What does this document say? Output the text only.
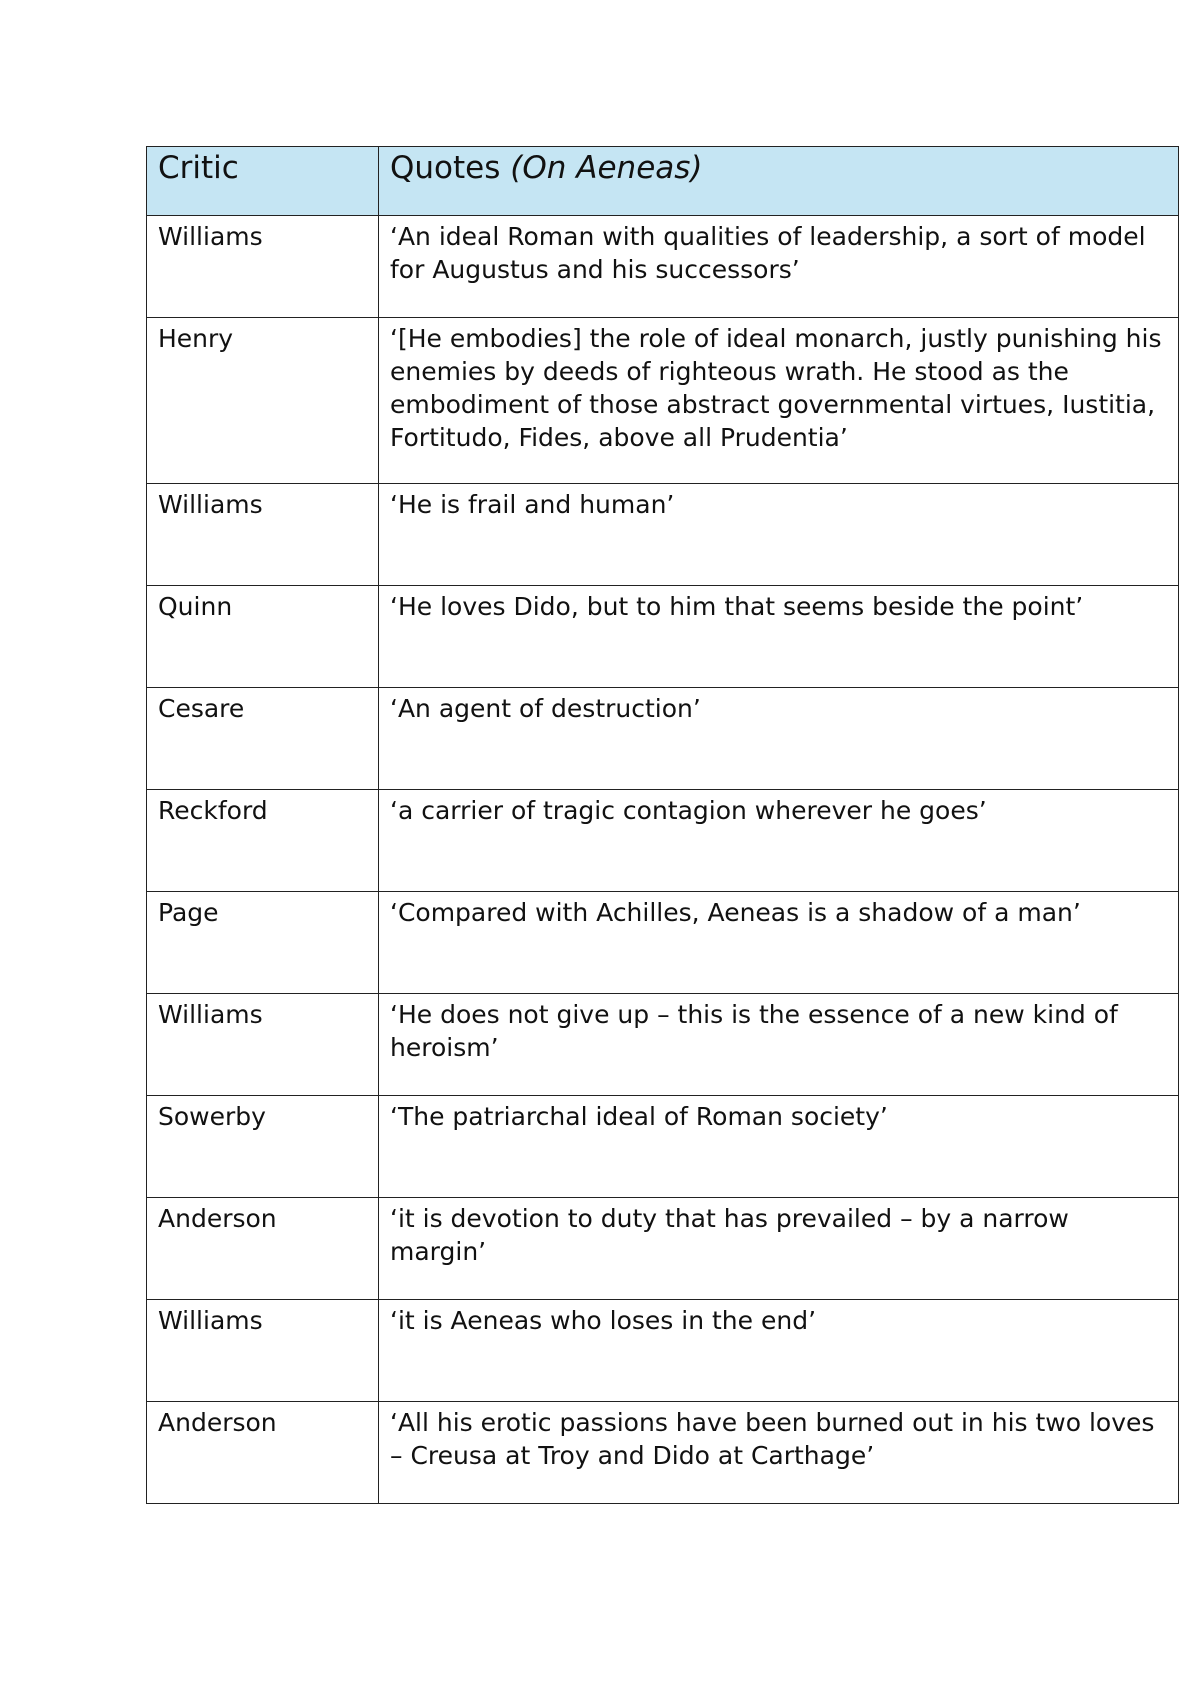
Critic	Quotes (On Aeneas)
Williams	‘An ideal Roman with qualities of leadership, a sort of model for Augustus and his successors’
Henry	‘[He embodies] the role of ideal monarch, justly punishing his enemies by deeds of righteous wrath. He stood as the embodiment of those abstract governmental virtues, Iustitia, Fortitudo, Fides, above all Prudentia’
Williams	‘He is frail and human’
Quinn	‘He loves Dido, but to him that seems beside the point’
Cesare	‘An agent of destruction’
Reckford	‘a carrier of tragic contagion wherever he goes’
Page	‘Compared with Achilles, Aeneas is a shadow of a man’
Williams	‘He does not give up – this is the essence of a new kind of heroism’
Sowerby	‘The patriarchal ideal of Roman society’
Anderson	‘it is devotion to duty that has prevailed – by a narrow margin’
Williams	‘it is Aeneas who loses in the end’
Anderson	‘All his erotic passions have been burned out in his two loves – Creusa at Troy and Dido at Carthage’
